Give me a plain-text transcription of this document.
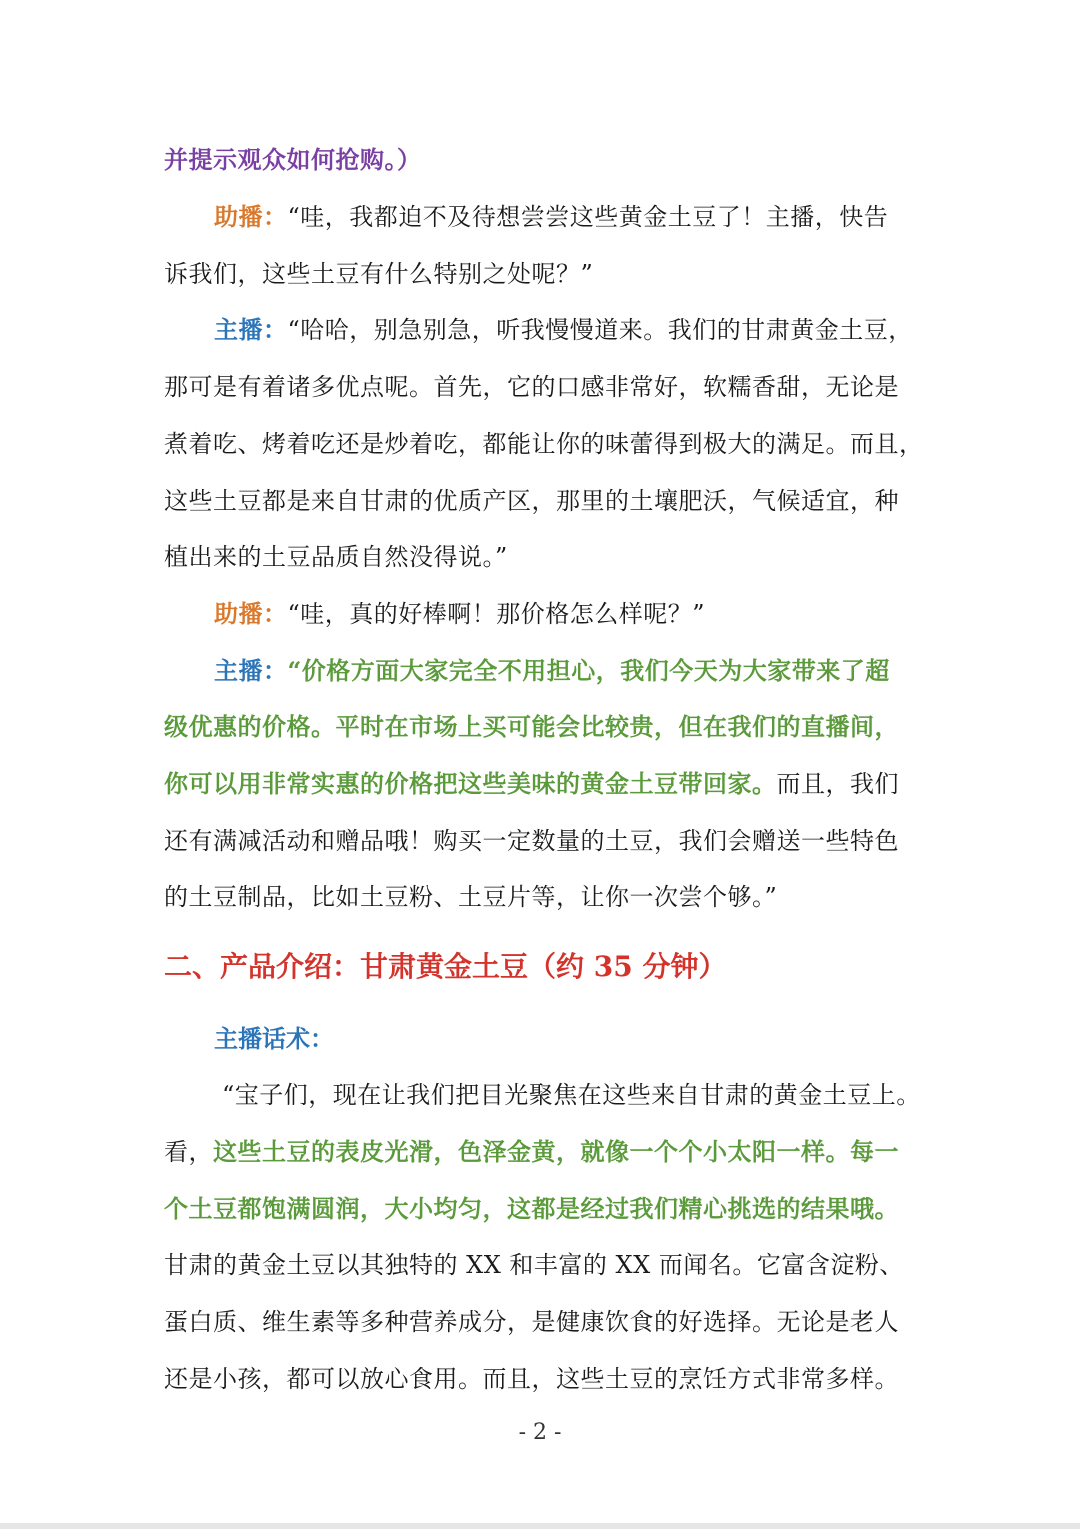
并提示观众如何抢购。）
助播：“哇，我都迫不及待想尝尝这些黄金土豆了！主播，快告
诉我们，这些土豆有什么特别之处呢？”
主播：“哈哈，别急别急，听我慢慢道来。我们的甘肃黄金土豆，
那可是有着诸多优点呢。首先，它的口感非常好，软糯香甜，无论是
煮着吃、烤着吃还是炒着吃，都能让你的味蕾得到极大的满足。而且，
这些土豆都是来自甘肃的优质产区，那里的土壤肥沃，气候适宜，种
植出来的土豆品质自然没得说。”
助播：“哇，真的好棒啊！那价格怎么样呢？”
主播：“价格方面大家完全不用担心，我们今天为大家带来了超
级优惠的价格。平时在市场上买可能会比较贵，但在我们的直播间，
你可以用非常实惠的价格把这些美味的黄金土豆带回家。而且，我们
还有满减活动和赠品哦！购买一定数量的土豆，我们会赠送一些特色
的土豆制品，比如土豆粉、土豆片等，让你一次尝个够。”
二、产品介绍：甘肃黄金土豆（约 35 分钟）
主播话术：
“宝子们，现在让我们把目光聚焦在这些来自甘肃的黄金土豆上。
看，这些土豆的表皮光滑，色泽金黄，就像一个个小太阳一样。每一
个土豆都饱满圆润，大小均匀，这都是经过我们精心挑选的结果哦。
甘肃的黄金土豆以其独特的 XX 和丰富的 XX 而闻名。它富含淀粉、
蛋白质、维生素等多种营养成分，是健康饮食的好选择。无论是老人
还是小孩，都可以放心食用。而且，这些土豆的烹饪方式非常多样。
- 2 -
